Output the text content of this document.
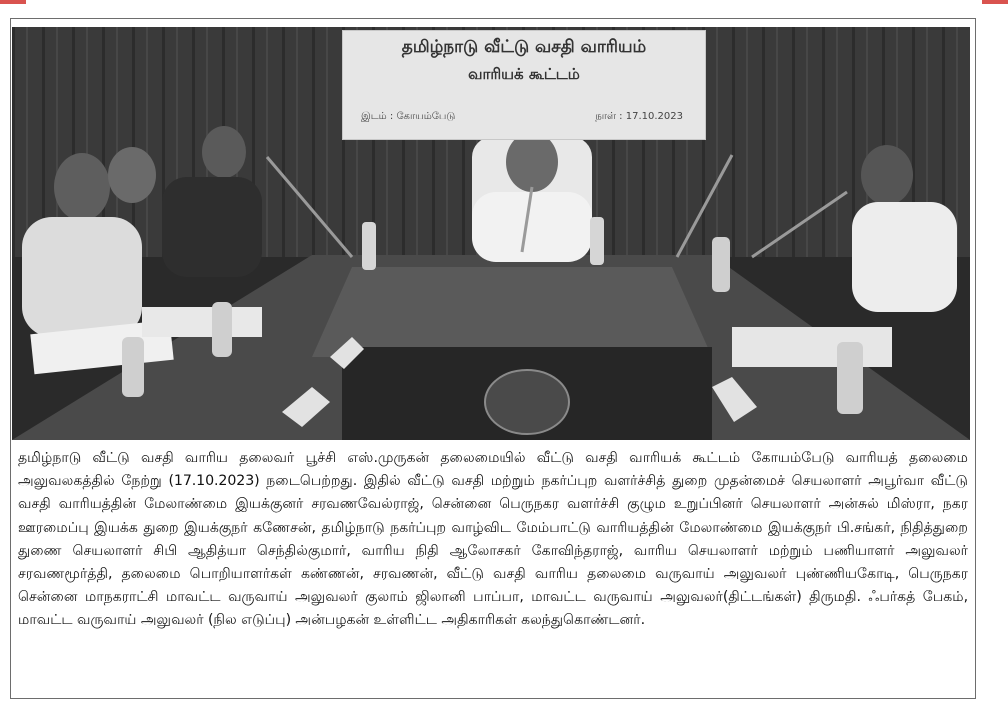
தமிழ்நாடு வீட்டு வசதி வாரியம்
வாரியக் கூட்டம்
இடம் : கோயம்பேடு	நாள் : 17.10.2023
தமிழ்நாடு வீட்டு வசதி வாரிய தலைவர் பூச்சி எஸ்.முருகன் தலைமையில் வீட்டு வசதி வாரியக் கூட்டம் கோயம்பேடு வாரியத் தலைமை அலுவலகத்தில் நேற்று (17.10.2023) நடைபெற்றது. இதில் வீட்டு வசதி மற்றும் நகர்ப்புற வளர்ச்சித் துறை முதன்மைச் செயலாளர் அபூர்வா வீட்டு வசதி வாரியத்தின் மேலாண்மை இயக்குனர் சரவணவேல்ராஜ், சென்னை பெருநகர வளர்ச்சி குழும உறுப்பினர் செயலாளர் அன்சுல் மிஸ்ரா, நகர ஊரமைப்பு இயக்க துறை இயக்குநர் கணேசன், தமிழ்நாடு நகர்ப்புற வாழ்விட மேம்பாட்டு வாரியத்தின் மேலாண்மை இயக்குநர் பி.சங்கர், நிதித்துறை துணை செயலாளர் சிபி ஆதித்யா செந்தில்குமார், வாரிய நிதி ஆலோசகர் கோவிந்தராஜ், வாரிய செயலாளர் மற்றும் பணியாளர் அலுவலர் சரவணமூர்த்தி, தலைமை பொறியாளர்கள் கண்ணன், சரவணன், வீட்டு வசதி வாரிய தலைமை வருவாய் அலுவலர் புண்ணியகோடி, பெருநகர சென்னை மாநகராட்சி மாவட்ட வருவாய் அலுவலர் குலாம் ஜிலானி பாப்பா, மாவட்ட வருவாய் அலுவலர்(திட்டங்கள்) திருமதி. ஃபர்கத் பேகம், மாவட்ட வருவாய் அலுவலர் (நில எடுப்பு) அன்பழகன் உள்ளிட்ட அதிகாரிகள் கலந்துகொண்டனர்.
